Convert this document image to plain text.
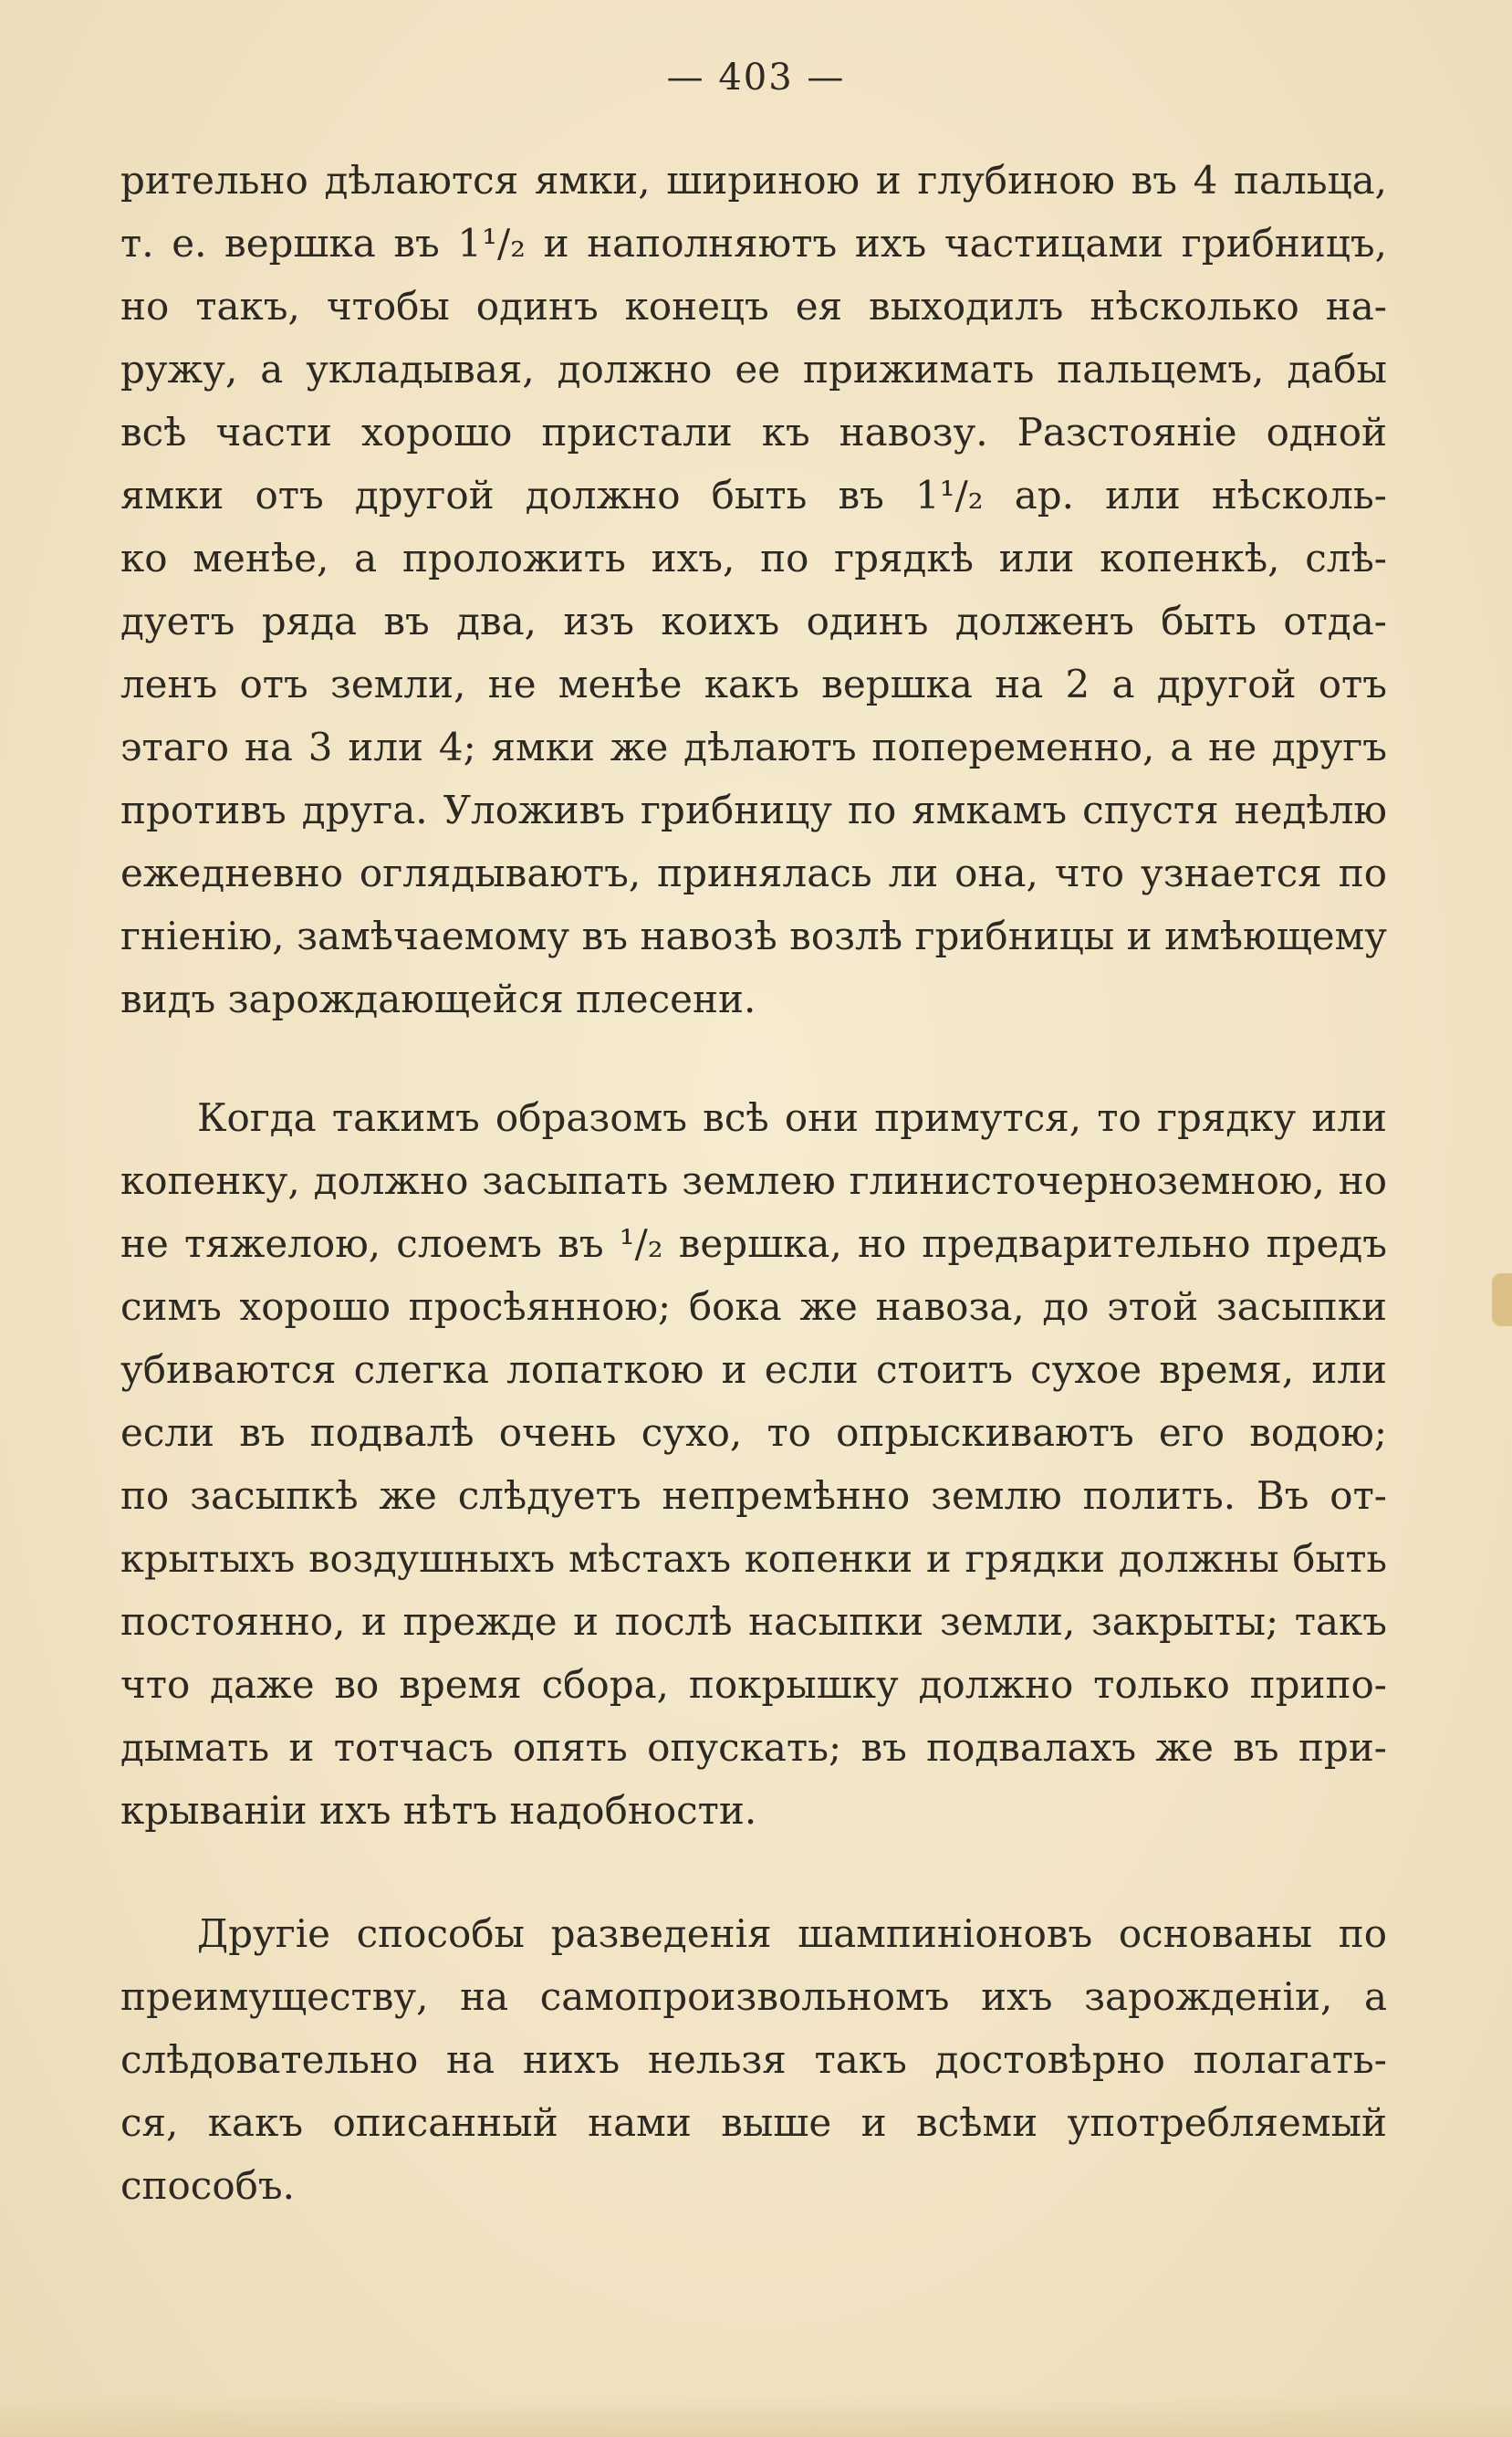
— 403 —
рительно дѣлаются ямки, шириною и глубиною въ 4 пальца,
т. е. вершка въ 1¹/₂ и наполняютъ ихъ частицами грибницъ,
но такъ, чтобы одинъ конецъ ея выходилъ нѣсколько на-
ружу, а укладывая, должно ее прижимать пальцемъ, дабы
всѣ части хорошо пристали къ навозу. Разстояніе одной
ямки отъ другой должно быть въ 1¹/₂ ар. или нѣсколь-
ко менѣе, а проложить ихъ, по грядкѣ или копенкѣ, слѣ-
дуетъ ряда въ два, изъ коихъ одинъ долженъ быть отда-
ленъ отъ земли, не менѣе какъ вершка на 2 а другой отъ
этаго на 3 или 4; ямки же дѣлаютъ попеременно, а не другъ
противъ друга. Уложивъ грибницу по ямкамъ спустя недѣлю
ежедневно оглядываютъ, принялась ли она, что узнается по
гніенію, замѣчаемому въ навозѣ возлѣ грибницы и имѣющему
видъ зарождающейся плесени.
Когда такимъ образомъ всѣ они примутся, то грядку или
копенку, должно засыпать землею глинисточерноземною, но
не тяжелою, слоемъ въ ¹/₂ вершка, но предварительно предъ
симъ хорошо просѣянною; бока же навоза, до этой засыпки
убиваются слегка лопаткою и если стоитъ сухое время, или
если въ подвалѣ очень сухо, то опрыскиваютъ его водою;
по засыпкѣ же слѣдуетъ непремѣнно землю полить. Въ от-
крытыхъ воздушныхъ мѣстахъ копенки и грядки должны быть
постоянно, и прежде и послѣ насыпки земли, закрыты; такъ
что даже во время сбора, покрышку должно только припо-
дымать и тотчасъ опять опускать; въ подвалахъ же въ при-
крываніи ихъ нѣтъ надобности.
Другіе способы разведенія шампиніоновъ основаны по
преимуществу, на самопроизвольномъ ихъ зарожденіи, а
слѣдовательно на нихъ нельзя такъ достовѣрно полагать-
ся, какъ описанный нами выше и всѣми употребляемый
способъ.
